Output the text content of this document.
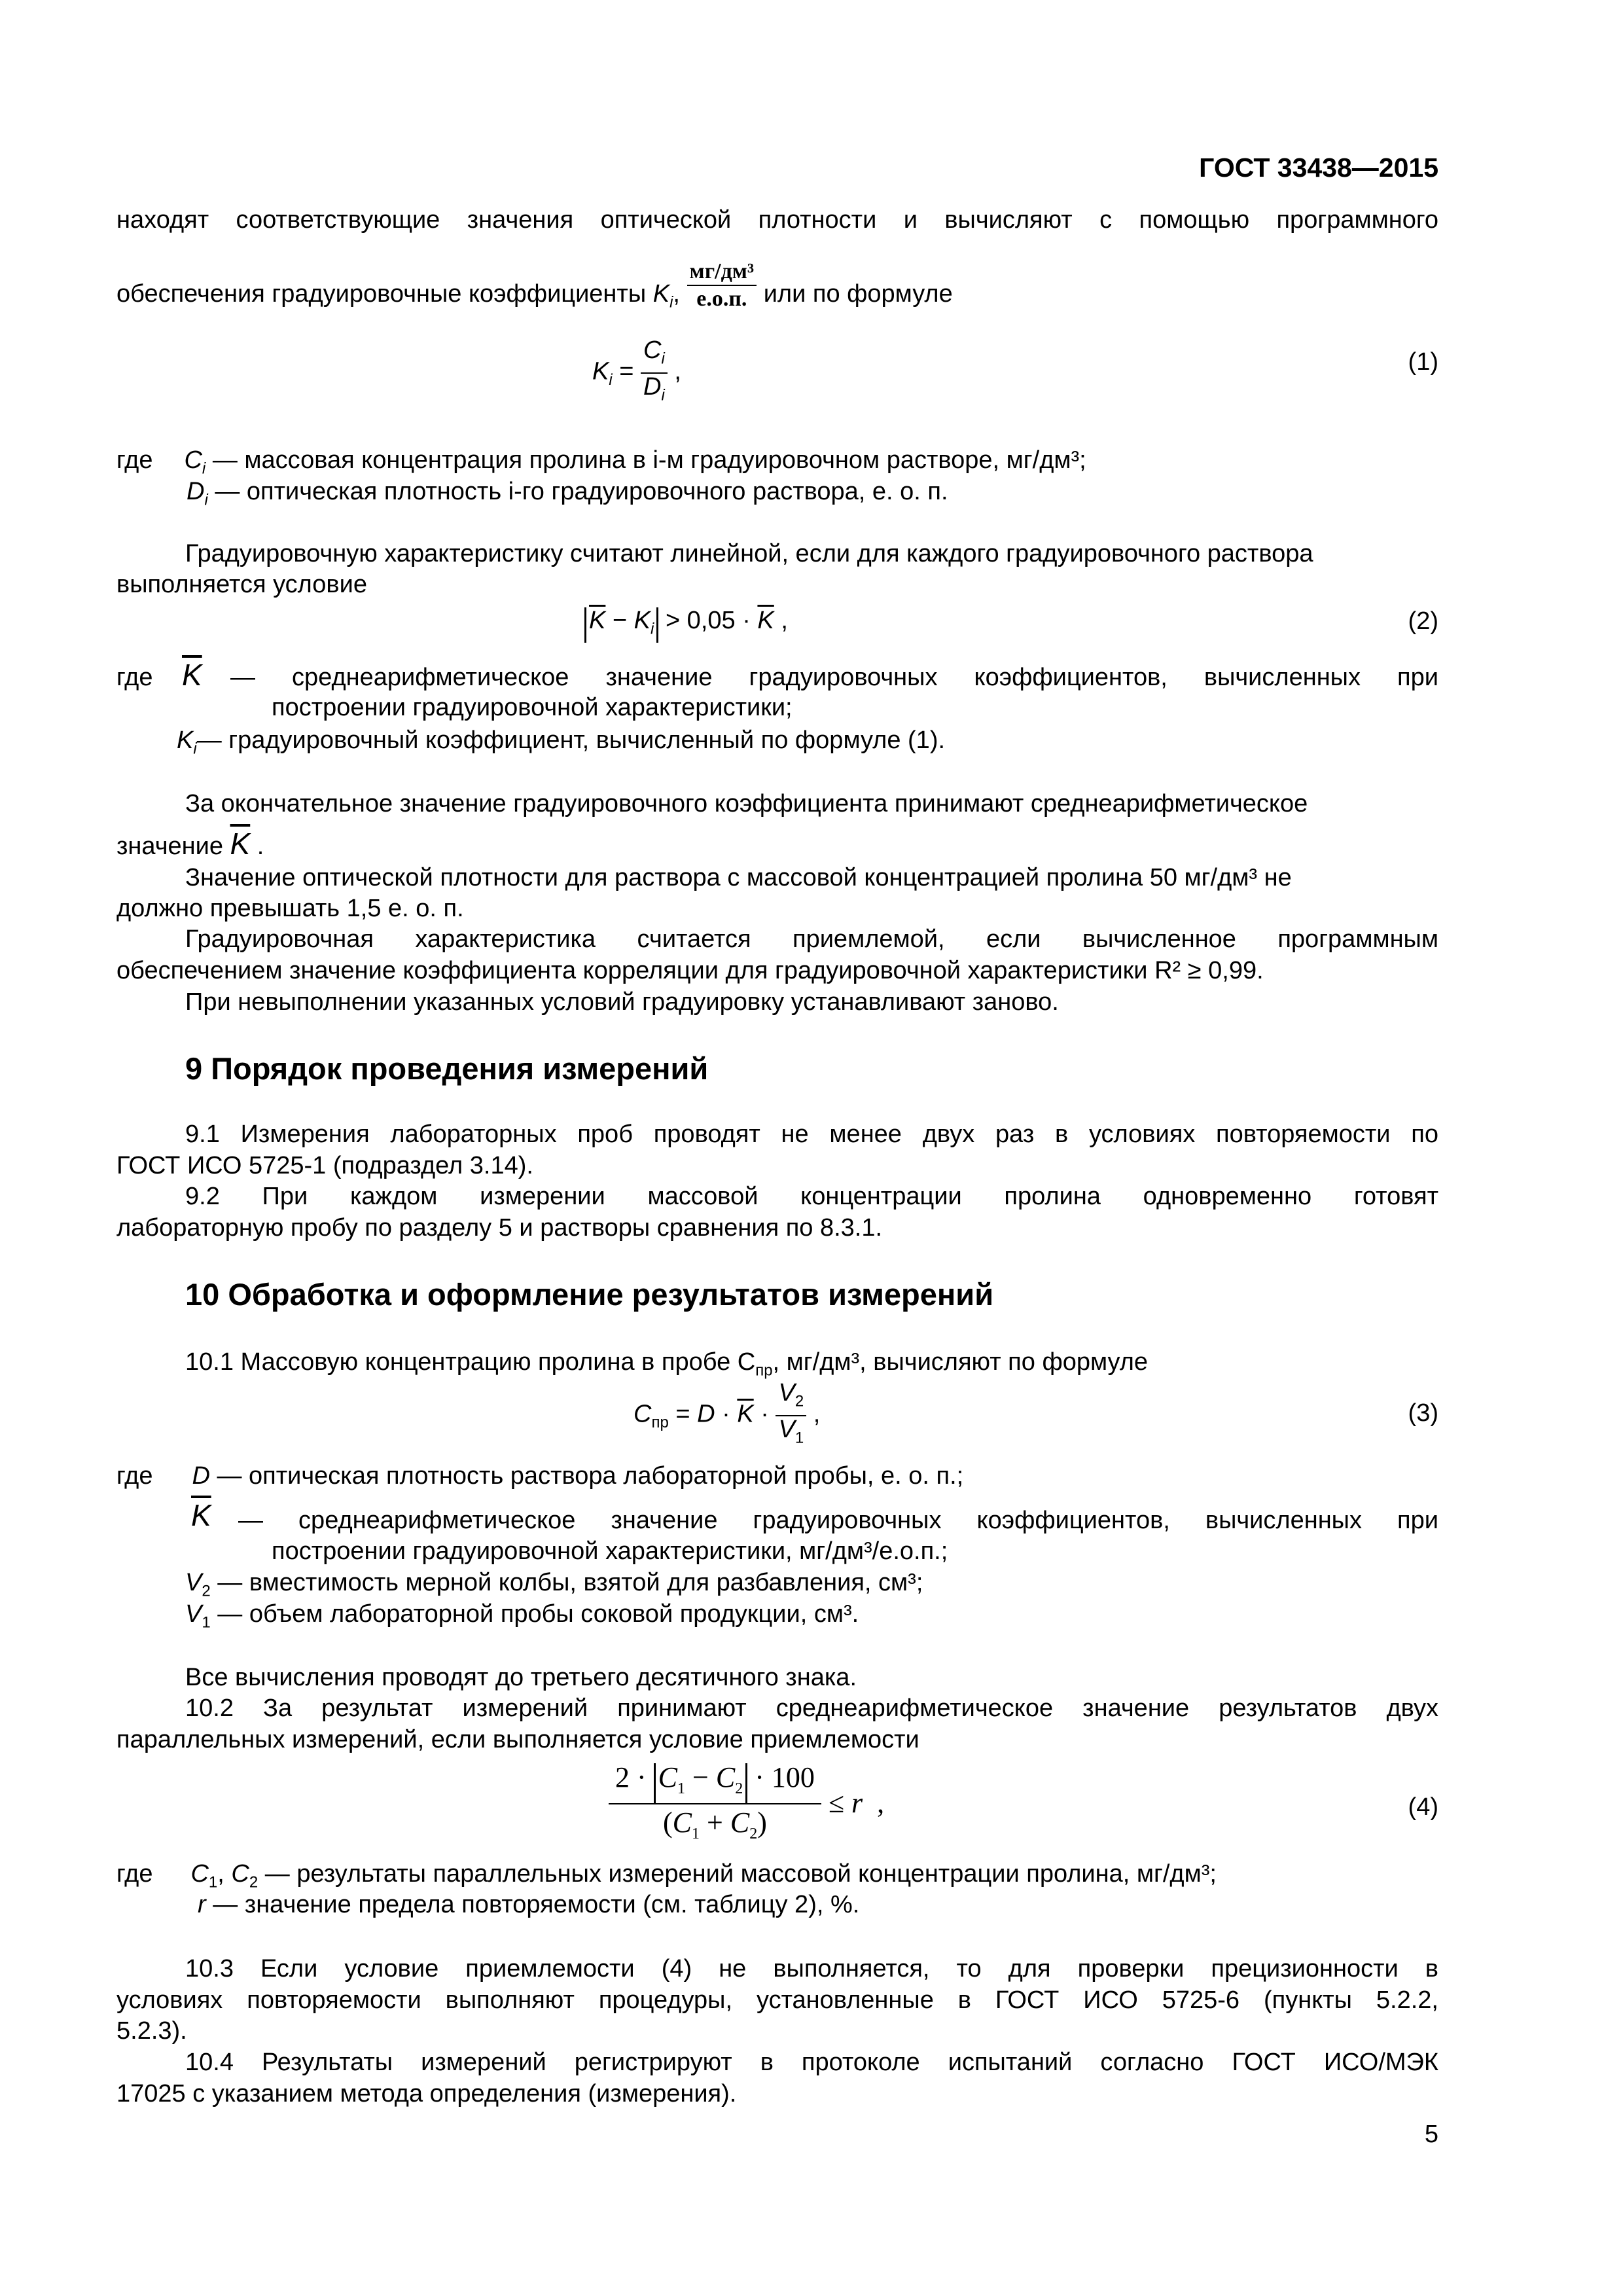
ГОСТ 33438—2015
находят соответствующие значения оптической плотности и вычисляют с помощью программного
обеспечения градуировочные коэффициенты $K_i$, $\frac{\text{мг/дм³}}{е.о.п.}$ или по формуле
$K_i = \frac{C_i}{D_i}$ ,	(1)
где $C_i$ — массовая концентрация пролина в i-м градуировочном растворе, мг/дм³;
$D_i$ — оптическая плотность i-го градуировочного раствора, е. о. п.
Градуировочную характеристику считают линейной, если для каждого градуировочного раствора
выполняется условие
$\overline{K} - K_i > 0,05 \cdot \overline{K}$ ,	(2)
где $\overline{K}$ — среднеарифметическое значение градуировочных коэффициентов, вычисленных при
построении градуировочной характеристики;
$K_i—$ градуировочный коэффициент, вычисленный по формуле (1).
За окончательное значение градуировочного коэффициента принимают среднеарифметическое
значение $\overline{K}$ .
Значение оптической плотности для раствора с массовой концентрацией пролина 50 мг/дм³ не
должно превышать 1,5 е. о. п.
Градуировочная характеристика считается приемлемой, если вычисленное программным
обеспечением значение коэффициента корреляции для градуировочной характеристики R² ≥ 0,99.
При невыполнении указанных условий градуировку устанавливают заново.
9 Порядок проведения измерений
9.1 Измерения лабораторных проб проводят не менее двух раз в условиях повторяемости по
ГОСТ ИСО 5725-1 (подраздел 3.14).
9.2 При каждом измерении массовой концентрации пролина одновременно готовят
лабораторную пробу по разделу 5 и растворы сравнения по 8.3.1.
10 Обработка и оформление результатов измерений
10.1 Массовую концентрацию пролина в пробе $C_{пр}$, мг/дм³, вычисляют по формуле
$C_{пр} = D \cdot \overline{K} \cdot \frac{V_2}{V_1}$ ,	(3)
где D — оптическая плотность раствора лабораторной пробы, е. о. п.;
$\overline{K}$ — среднеарифметическое значение градуировочных коэффициентов, вычисленных при
построении градуировочной характеристики, мг/дм³/е.о.п.;
$V_2$ — вместимость мерной колбы, взятой для разбавления, см³;
$V_1$ — объем лабораторной пробы соковой продукции, см³.
Все вычисления проводят до третьего десятичного знака.
10.2 За результат измерений принимают среднеарифметическое значение результатов двух
параллельных измерений, если выполняется условие приемлемости
$\frac{2 \cdot C_1 - C_2 \cdot 100}{(C_1 + C_2)} \le r$  ,	(4)
где $C_1$, $C_2$ — результаты параллельных измерений массовой концентрации пролина, мг/дм³;
r — значение предела повторяемости (см. таблицу 2), %.
10.3 Если условие приемлемости (4) не выполняется, то для проверки прецизионности в
условиях повторяемости выполняют процедуры, установленные в ГОСТ ИСО 5725-6 (пункты 5.2.2,
5.2.3).
10.4 Результаты измерений регистрируют в протоколе испытаний согласно ГОСТ ИСО/МЭК
17025 с указанием метода определения (измерения).
5
